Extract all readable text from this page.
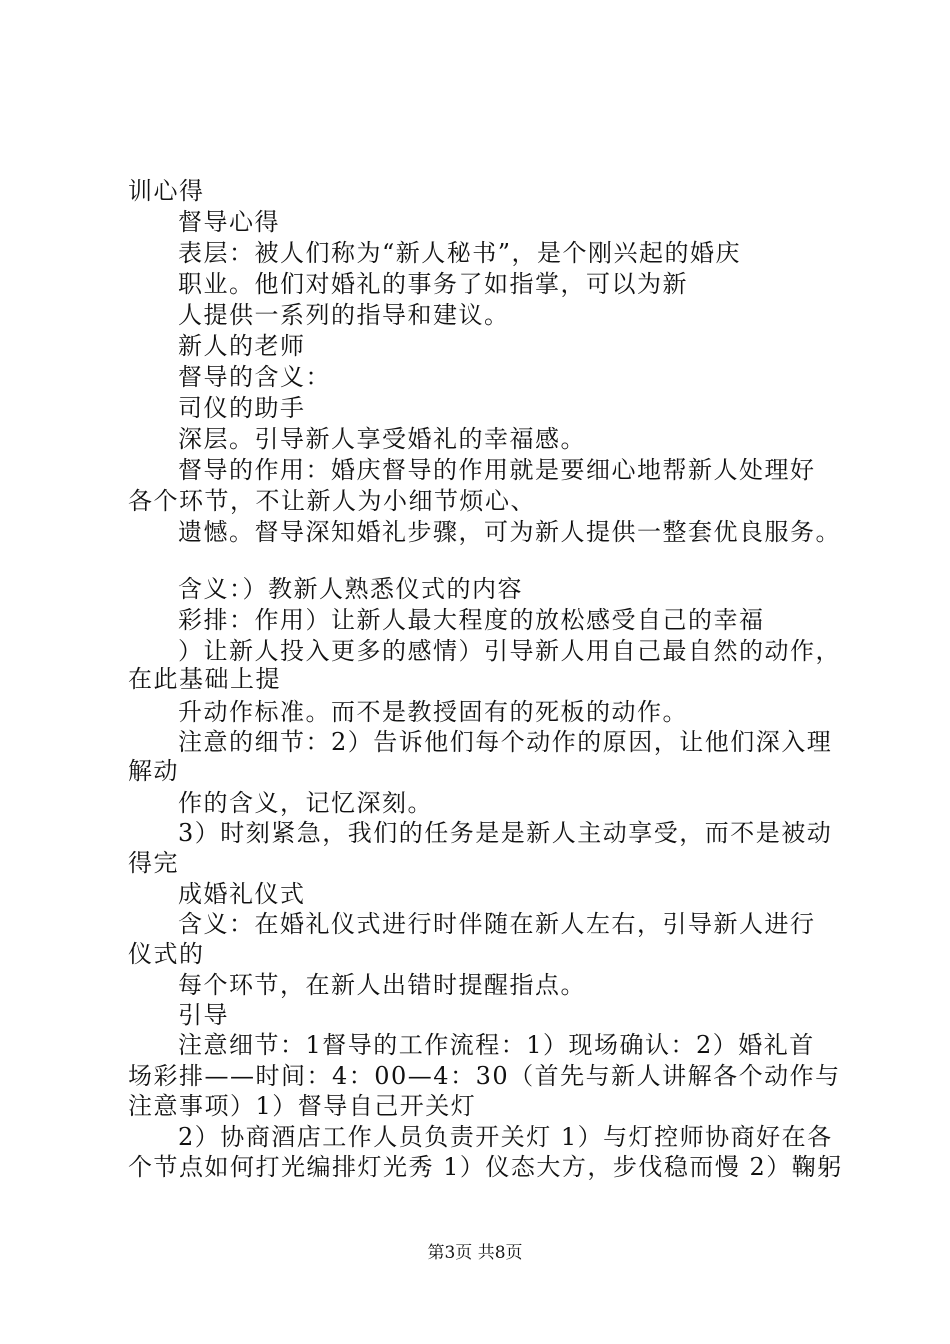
训心得
督导心得
表层：被人们称为“新人秘书”，是个刚兴起的婚庆
职业。他们对婚礼的事务了如指掌，可以为新
人提供一系列的指导和建议。
新人的老师
督导的含义：
司仪的助手
深层。引导新人享受婚礼的幸福感。
督导的作用：婚庆督导的作用就是要细心地帮新人处理好
各个环节，不让新人为小细节烦心、
遗憾。督导深知婚礼步骤，可为新人提供一整套优良服务。
含义：）教新人熟悉仪式的内容
彩排：作用）让新人最大程度的放松感受自己的幸福
）让新人投入更多的感情）引导新人用自己最自然的动作，
在此基础上提
升动作标准。而不是教授固有的死板的动作。
注意的细节：2）告诉他们每个动作的原因，让他们深入理
解动
作的含义，记忆深刻。
3）时刻紧急，我们的任务是是新人主动享受，而不是被动
得完
成婚礼仪式
含义：在婚礼仪式进行时伴随在新人左右，引导新人进行
仪式的
每个环节，在新人出错时提醒指点。
引导
注意细节：1督导的工作流程：1）现场确认：2）婚礼首
场彩排——时间：4：00—4：30（首先与新人讲解各个动作与
注意事项）1）督导自己开关灯
2）协商酒店工作人员负责开关灯 1）与灯控师协商好在各
个节点如何打光编排灯光秀 1）仪态大方，步伐稳而慢 2）鞠躬
第3页 共8页
